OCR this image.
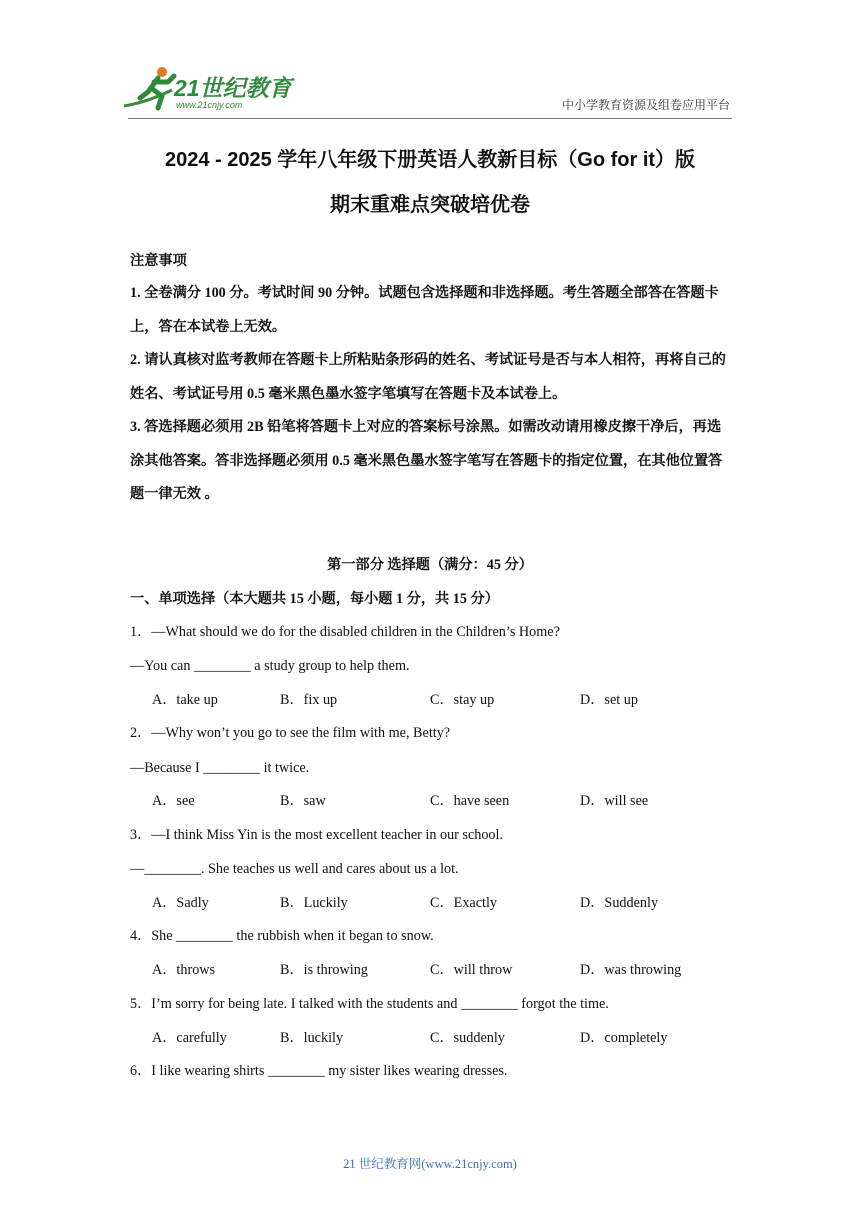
21世纪教育
www.21cnjy.com	中小学教育资源及组卷应用平台
2024 - 2025 学年八年级下册英语人教新目标（Go for it）版
期末重难点突破培优卷
注意事项
1. 全卷满分 100 分。考试时间 90 分钟。试题包含选择题和非选择题。考生答题全部答在答题卡上，答在本试卷上无效。
2. 请认真核对监考教师在答题卡上所粘贴条形码的姓名、考试证号是否与本人相符，再将自己的姓名、考试证号用 0.5 毫米黑色墨水签字笔填写在答题卡及本试卷上。
3. 答选择题必须用 2B 铅笔将答题卡上对应的答案标号涂黑。如需改动请用橡皮擦干净后，再选涂其他答案。答非选择题必须用 0.5 毫米黑色墨水签字笔写在答题卡的指定位置，在其他位置答题一律无效 。
第一部分 选择题（满分：45 分）
一、单项选择（本大题共 15 小题，每小题 1 分，共 15 分）
1．—What should we do for the disabled children in the Children’s Home?
—You can ________ a study group to help them.
A．take up	B．fix up	C．stay up	D．set up
2．—Why won’t you go to see the film with me, Betty?
—Because I ________ it twice.
A．see	B．saw	C．have seen	D．will see
3．—I think Miss Yin is the most excellent teacher in our school.
—________. She teaches us well and cares about us a lot.
A．Sadly	B．Luckily	C．Exactly	D．Suddenly
4．She ________ the rubbish when it began to snow.
A．throws	B．is throwing	C．will throw	D．was throwing
5．I’m sorry for being late. I talked with the students and ________ forgot the time.
A．carefully	B．luckily	C．suddenly	D．completely
6．I like wearing shirts ________ my sister likes wearing dresses.
21 世纪教育网(www.21cnjy.com)
